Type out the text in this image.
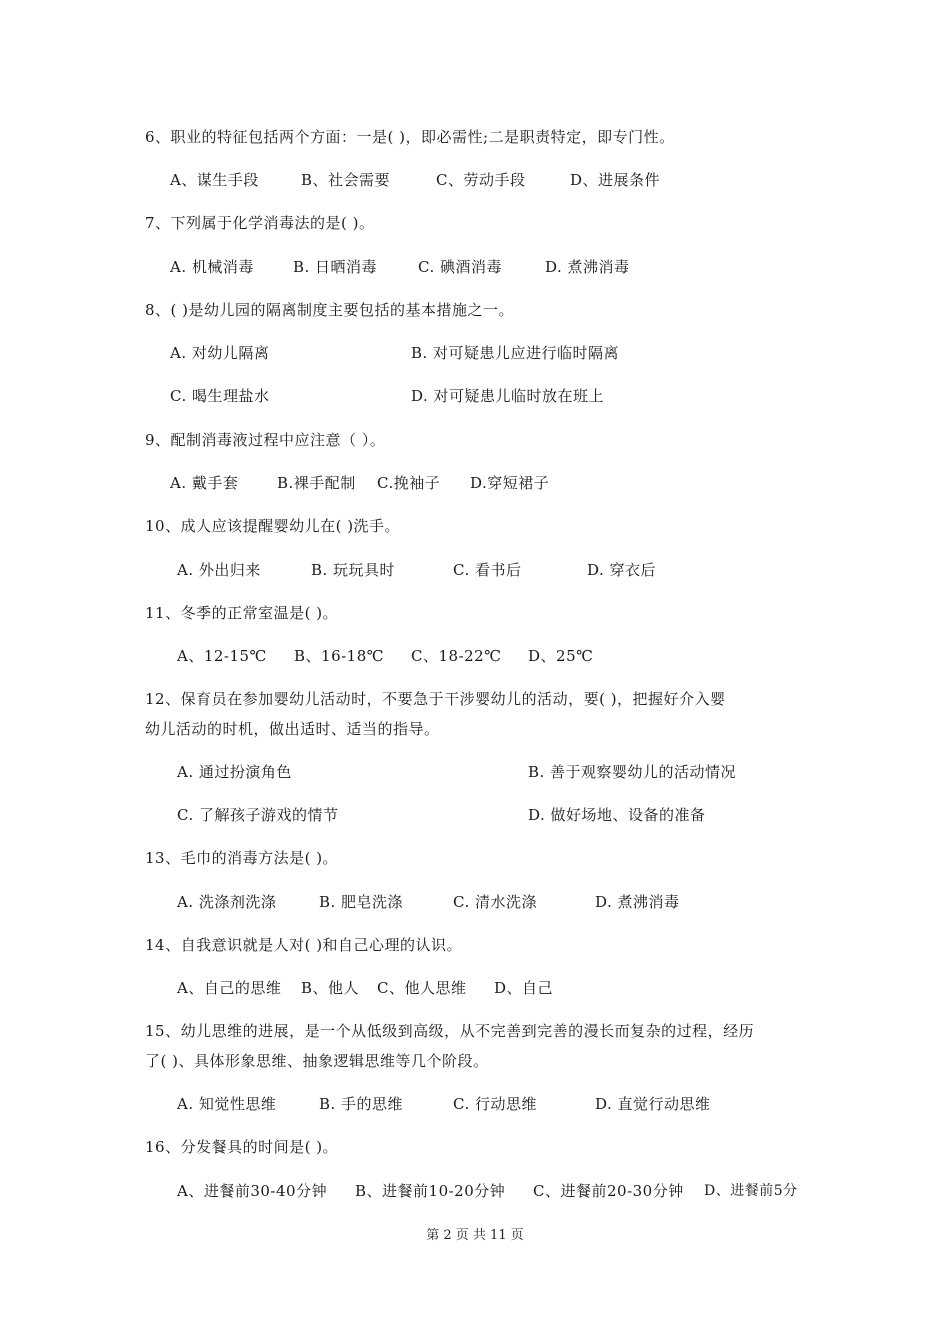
6、职业的特征包括两个方面：一是( )，即必需性;二是职责特定，即专门性。
A、谋生手段	B、社会需要	C、劳动手段	D、进展条件
7、下列属于化学消毒法的是( )。
A. 机械消毒	B. 日晒消毒	C. 碘酒消毒	D. 煮沸消毒
8、( )是幼儿园的隔离制度主要包括的基本措施之一。
A. 对幼儿隔离	B. 对可疑患儿应进行临时隔离
C. 喝生理盐水	D. 对可疑患儿临时放在班上
9、配制消毒液过程中应注意（ ）。
A. 戴手套	B.裸手配制 C.挽袖子 D.穿短裙子
10、成人应该提醒婴幼儿在( )洗手。
A. 外出归来	B. 玩玩具时	C. 看书后	D. 穿衣后
11、冬季的正常室温是( )。
A、12-15℃ B、16-18℃ C、18-22℃ D、25℃
12、保育员在参加婴幼儿活动时，不要急于干涉婴幼儿的活动，要( )，把握好介入婴
幼儿活动的时机，做出适时、适当的指导。
A. 通过扮演角色	B. 善于观察婴幼儿的活动情况
C. 了解孩子游戏的情节	D. 做好场地、设备的准备
13、毛巾的消毒方法是( )。
A. 洗涤剂洗涤	B. 肥皂洗涤	C. 清水洗涤	D. 煮沸消毒
14、自我意识就是人对( )和自己心理的认识。
A、自己的思维 B、他人 C、他人思维 D、自己
15、幼儿思维的进展，是一个从低级到高级，从不完善到完善的漫长而复杂的过程，经历
了( )、具体形象思维、抽象逻辑思维等几个阶段。
A. 知觉性思维	B. 手的思维	C. 行动思维	D. 直觉行动思维
16、分发餐具的时间是( )。
A、进餐前30-40分钟 B、进餐前10-20分钟 C、进餐前20-30分钟 D、进餐前5分
第 2 页 共 11 页
